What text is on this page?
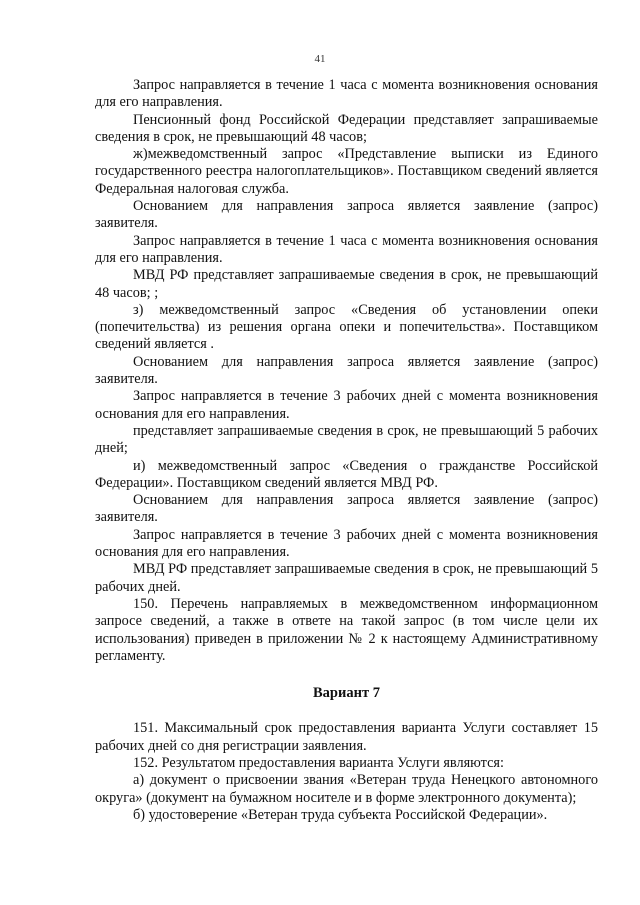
41

Запрос направляется в течение 1 часа с момента возникновения основания для его направления.

Пенсионный фонд Российской Федерации представляет запрашиваемые сведения в срок, не превышающий 48 часов;

ж)межведомственный запрос «Представление выписки из Единого государственного реестра налогоплательщиков». Поставщиком сведений является Федеральная налоговая служба.

Основанием для направления запроса является заявление (запрос) заявителя.

Запрос направляется в течение 1 часа с момента возникновения основания для его направления.

МВД РФ представляет запрашиваемые сведения в срок, не превышающий 48 часов; ;

з) межведомственный запрос «Сведения об установлении опеки (попечительства) из решения органа опеки и попечительства». Поставщиком сведений является .

Основанием для направления запроса является заявление (запрос) заявителя.

Запрос направляется в течение 3 рабочих дней с момента возникновения основания для его направления.

представляет запрашиваемые сведения в срок, не превышающий 5 рабочих дней;

и) межведомственный запрос «Сведения о гражданстве Российской Федерации». Поставщиком сведений является МВД РФ.

Основанием для направления запроса является заявление (запрос) заявителя.

Запрос направляется в течение 3 рабочих дней с момента возникновения основания для его направления.

МВД РФ представляет запрашиваемые сведения в срок, не превышающий 5 рабочих дней.

150. Перечень направляемых в межведомственном информационном запросе сведений, а также в ответе на такой запрос (в том числе цели их использования) приведен в приложении № 2 к настоящему Административному регламенту.

Вариант 7

151. Максимальный срок предоставления варианта Услуги составляет 15 рабочих дней со дня регистрации заявления.

152. Результатом предоставления варианта Услуги являются:

а) документ о присвоении звания «Ветеран труда Ненецкого автономного округа» (документ на бумажном носителе и в форме электронного документа);

б) удостоверение «Ветеран труда субъекта Российской Федерации».
